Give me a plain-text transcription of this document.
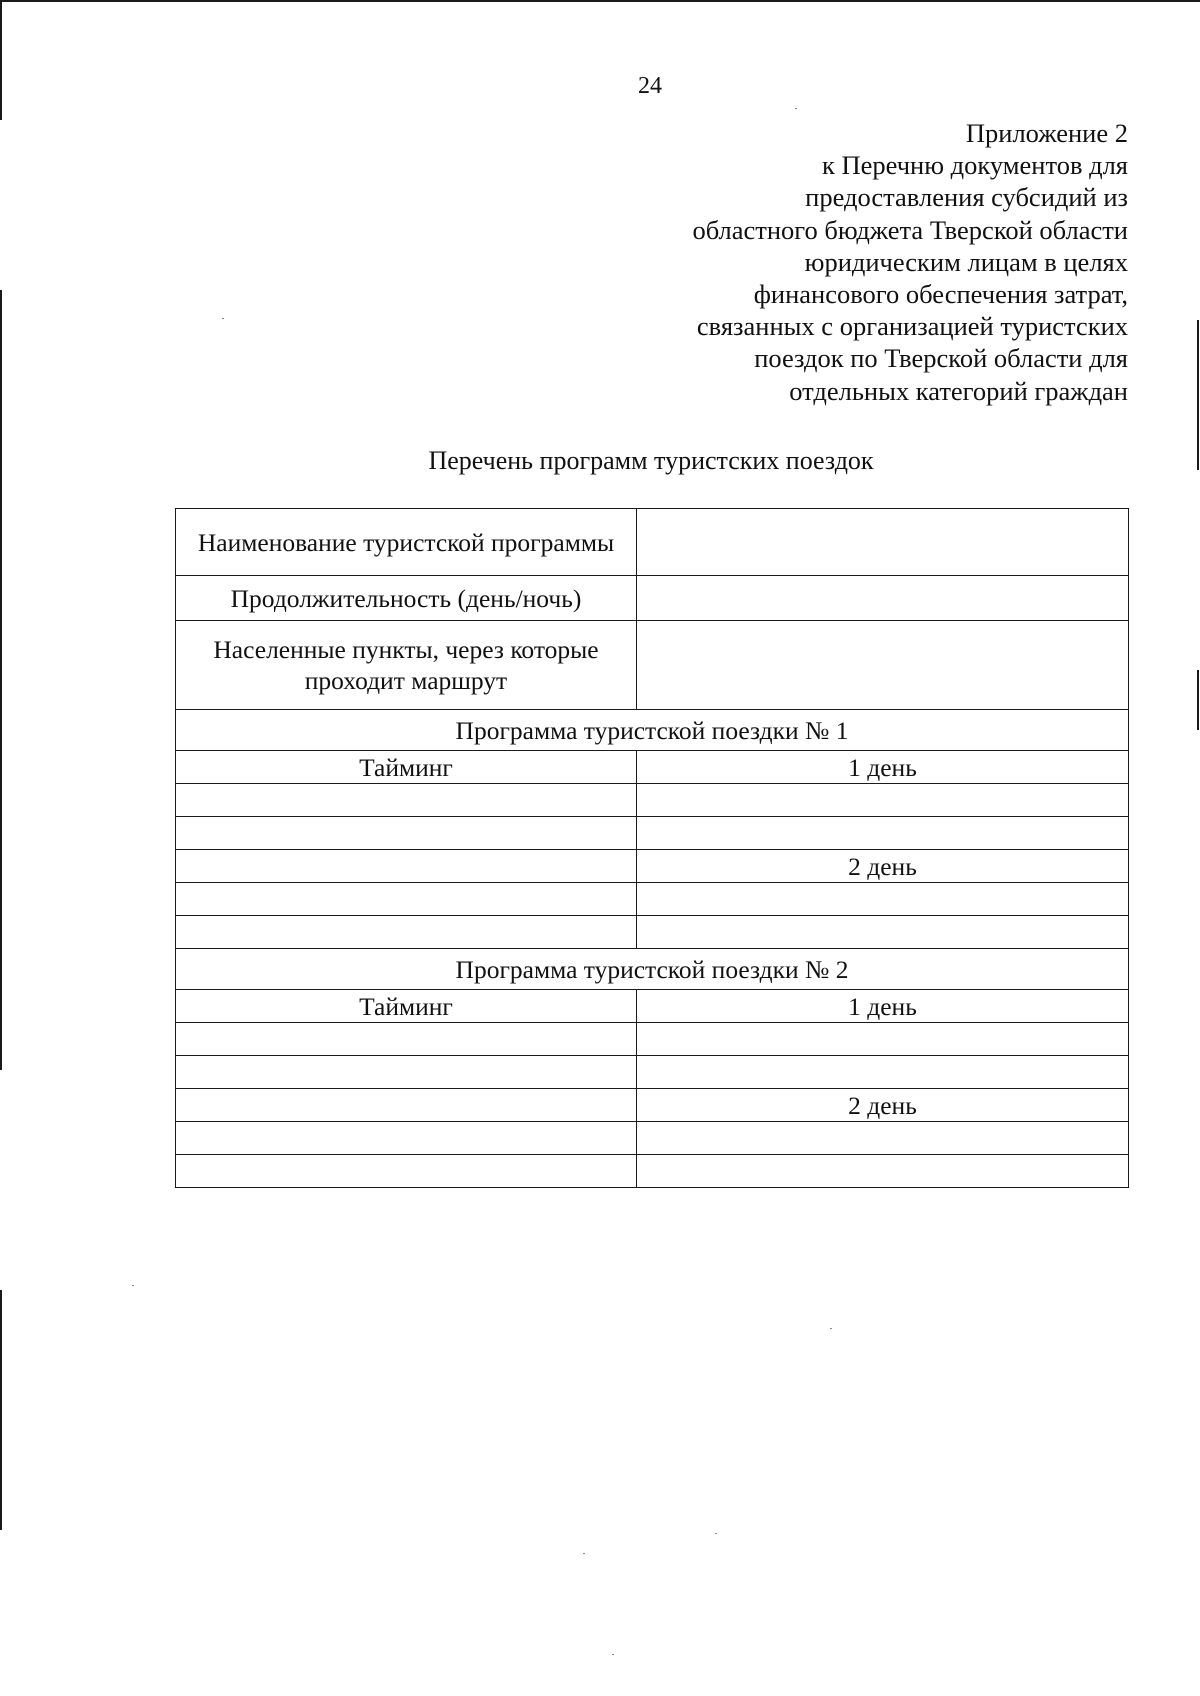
24
Приложение 2
к Перечню документов для
предоставления субсидий из
областного бюджета Тверской области
юридическим лицам в целях
финансового обеспечения затрат,
связанных с организацией туристских
поездок по Тверской области для
отдельных категорий граждан
Перечень программ туристских поездок
Наименование туристской программы	
Продолжительность (день/ночь)	
Населенные пункты, через которые проходит маршрут	
Программа туристской поездки № 1	
Тайминг	1 день

	2 день

Программа туристской поездки № 2	
Тайминг	1 день

	2 день
